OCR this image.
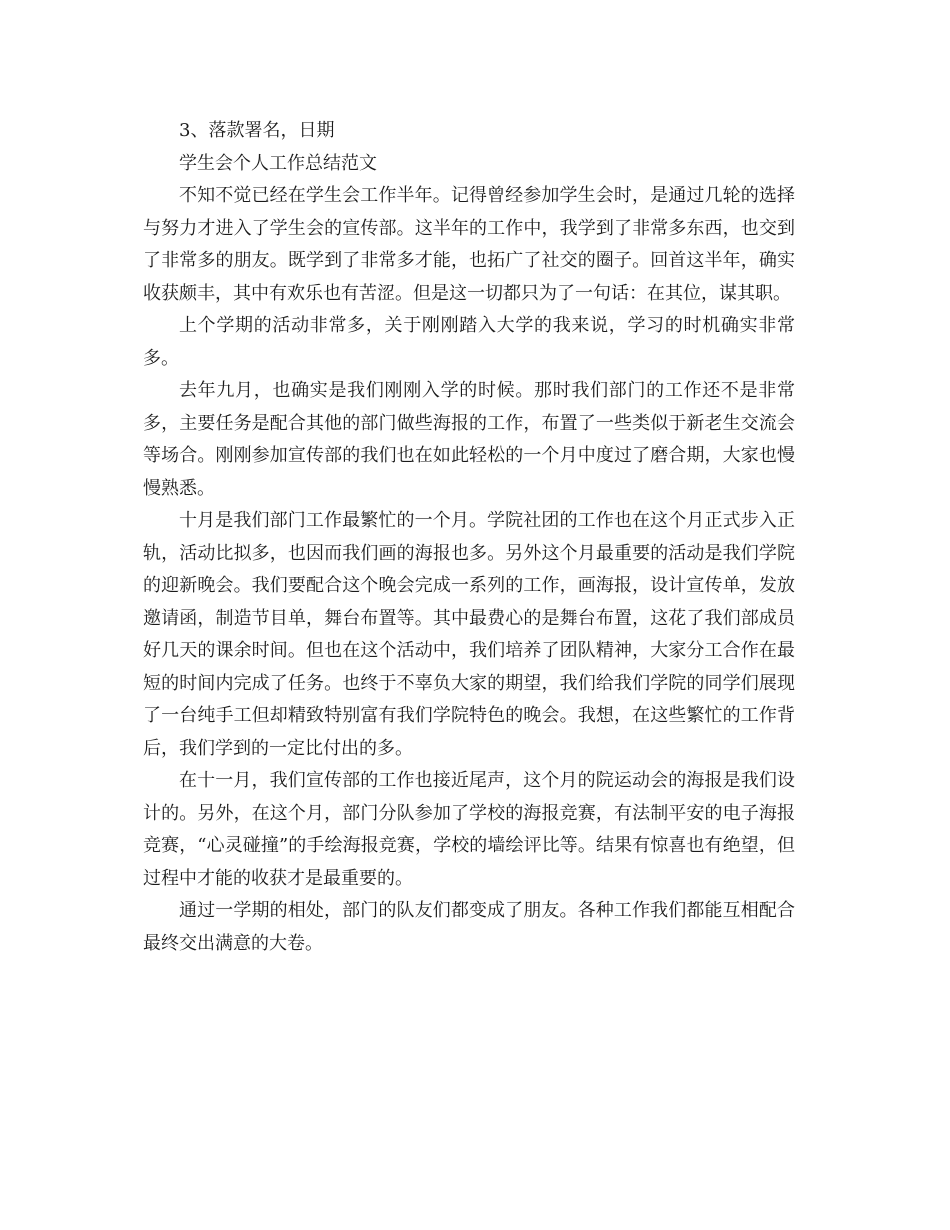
3、落款署名，日期

学生会个人工作总结范文

不知不觉已经在学生会工作半年。记得曾经参加学生会时，是通过几轮的选择与努力才进入了学生会的宣传部。这半年的工作中，我学到了非常多东西，也交到了非常多的朋友。既学到了非常多才能，也拓广了社交的圈子。回首这半年，确实收获颇丰，其中有欢乐也有苦涩。但是这一切都只为了一句话：在其位，谋其职。

上个学期的活动非常多，关于刚刚踏入大学的我来说，学习的时机确实非常多。

去年九月，也确实是我们刚刚入学的时候。那时我们部门的工作还不是非常多，主要任务是配合其他的部门做些海报的工作，布置了一些类似于新老生交流会等场合。刚刚参加宣传部的我们也在如此轻松的一个月中度过了磨合期，大家也慢慢熟悉。

十月是我们部门工作最繁忙的一个月。学院社团的工作也在这个月正式步入正轨，活动比拟多，也因而我们画的海报也多。另外这个月最重要的活动是我们学院的迎新晚会。我们要配合这个晚会完成一系列的工作，画海报，设计宣传单，发放邀请函，制造节目单，舞台布置等。其中最费心的是舞台布置，这花了我们部成员好几天的课余时间。但也在这个活动中，我们培养了团队精神，大家分工合作在最短的时间内完成了任务。也终于不辜负大家的期望，我们给我们学院的同学们展现了一台纯手工但却精致特别富有我们学院特色的晚会。我想，在这些繁忙的工作背后，我们学到的一定比付出的多。

在十一月，我们宣传部的工作也接近尾声，这个月的院运动会的海报是我们设计的。另外，在这个月，部门分队参加了学校的海报竞赛，有法制平安的电子海报竞赛，“心灵碰撞”的手绘海报竞赛，学校的墙绘评比等。结果有惊喜也有绝望，但过程中才能的收获才是最重要的。

通过一学期的相处，部门的队友们都变成了朋友。各种工作我们都能互相配合最终交出满意的大卷。
